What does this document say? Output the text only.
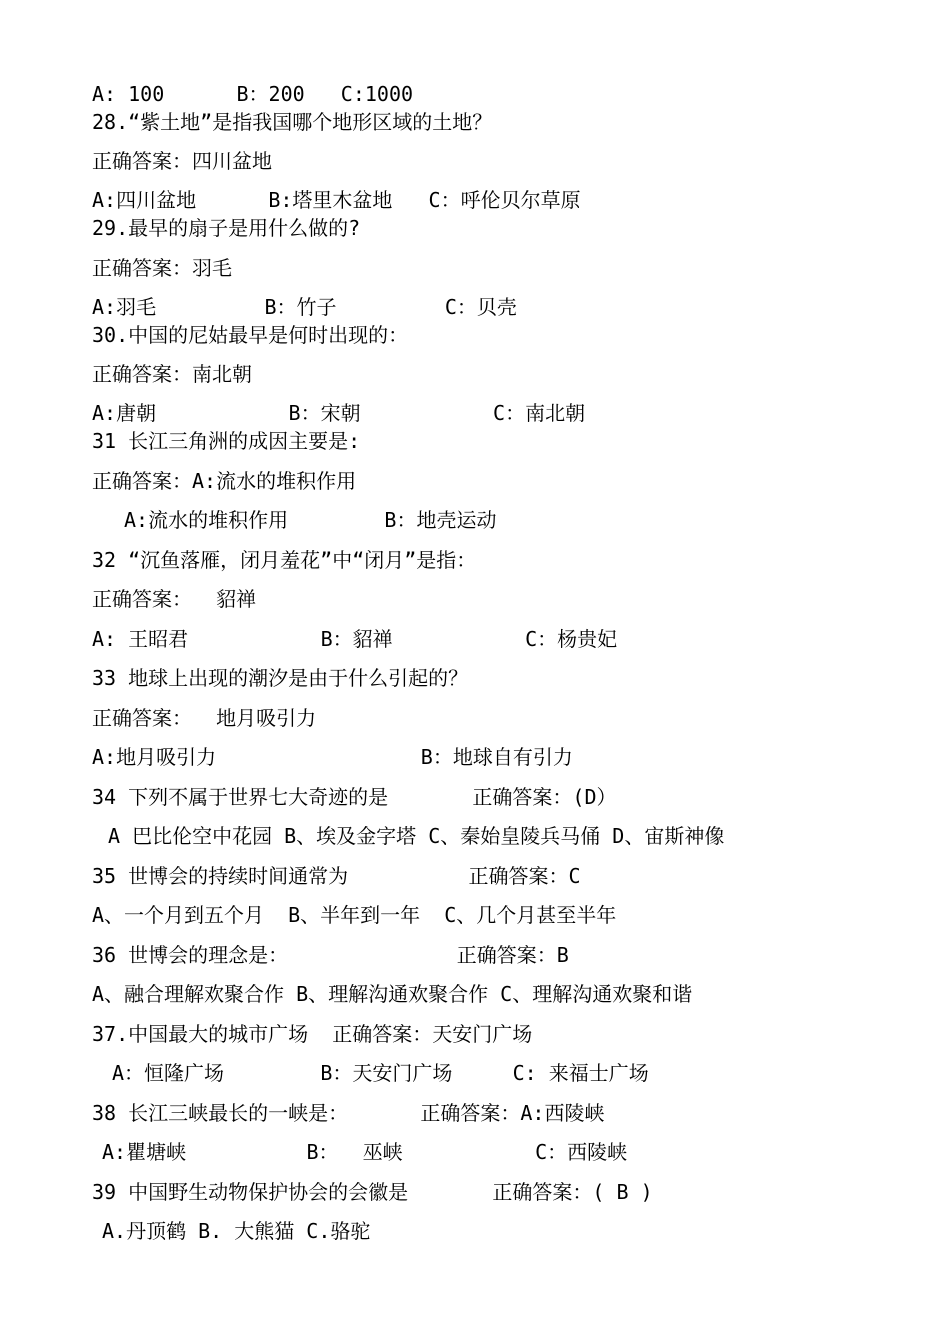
A: 100      B：200   C:1000
28.“紫土地”是指我国哪个地形区域的土地？
正确答案：四川盆地
A:四川盆地      B:塔里木盆地   C：呼伦贝尔草原
29.最早的扇子是用什么做的?
正确答案：羽毛
A:羽毛         B：竹子         C：贝壳
30.中国的尼姑最早是何时出现的：
正确答案：南北朝
A:唐朝           B：宋朝           C：南北朝
31 长江三角洲的成因主要是:
正确答案：A:流水的堆积作用
A:流水的堆积作用        B：地壳运动
32 “沉鱼落雁，闭月羞花”中“闭月”是指：
正确答案：  貂禅
A: 王昭君           B：貂禅           C：杨贵妃
33 地球上出现的潮汐是由于什么引起的？
正确答案：  地月吸引力
A:地月吸引力                 B：地球自有引力
34 下列不属于世界七大奇迹的是       正确答案：(D）
A 巴比伦空中花园 B、埃及金字塔 C、秦始皇陵兵马俑 D、宙斯神像
35 世博会的持续时间通常为          正确答案：C
A、一个月到五个月  B、半年到一年  C、几个月甚至半年
36 世博会的理念是：              正确答案：B
A、融合理解欢聚合作 B、理解沟通欢聚合作 C、理解沟通欢聚和谐
37.中国最大的城市广场  正确答案：天安门广场
A：恒隆广场        B：天安门广场     C: 来福士广场
38 长江三峡最长的一峡是：      正确答案：A:西陵峡
A:瞿塘峡          B：  巫峡           C：西陵峡
39 中国野生动物保护协会的会徽是       正确答案：( B )
A.丹顶鹤 B. 大熊猫 C.骆驼
